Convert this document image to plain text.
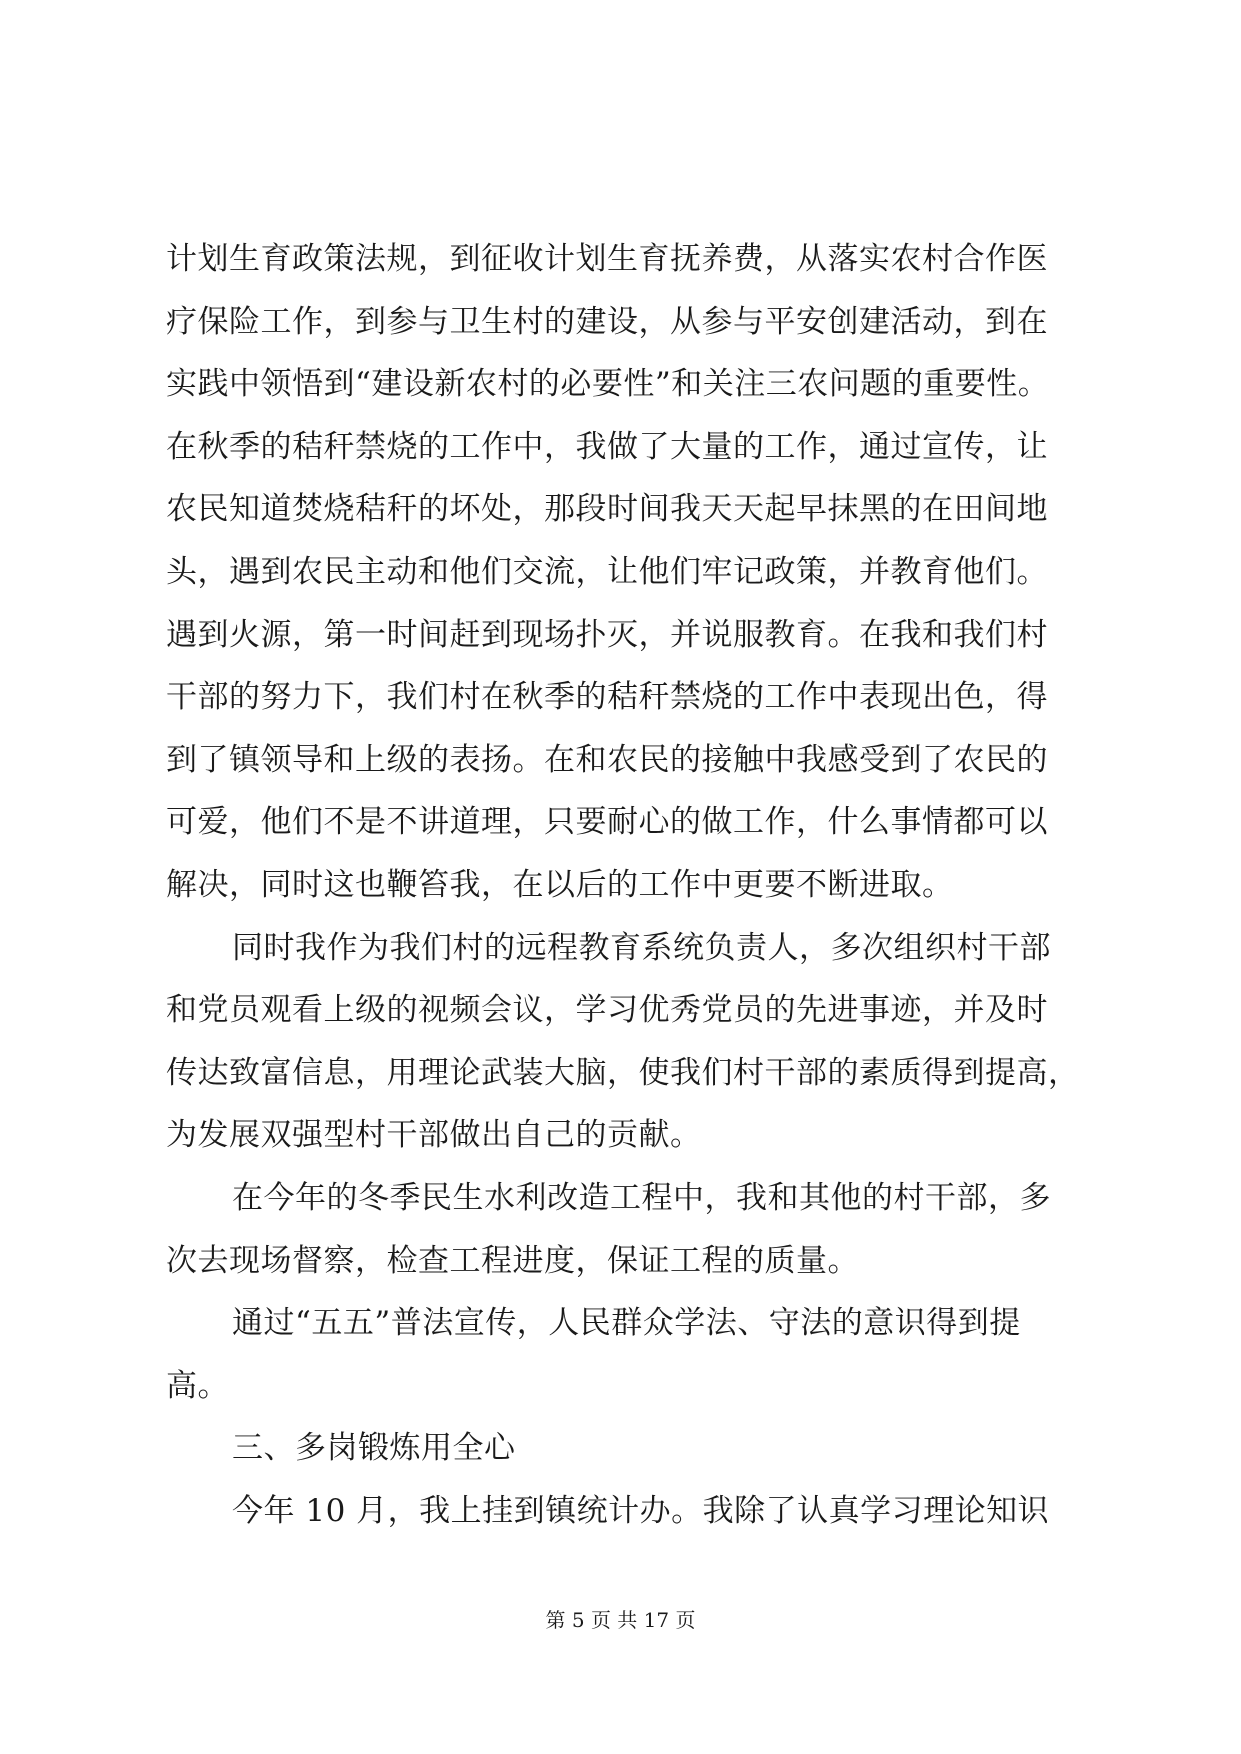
计划生育政策法规，到征收计划生育抚养费，从落实农村合作医
疗保险工作，到参与卫生村的建设，从参与平安创建活动，到在
实践中领悟到“建设新农村的必要性”和关注三农问题的重要性。
在秋季的秸秆禁烧的工作中，我做了大量的工作，通过宣传，让
农民知道焚烧秸秆的坏处，那段时间我天天起早抹黑的在田间地
头，遇到农民主动和他们交流，让他们牢记政策，并教育他们。
遇到火源，第一时间赶到现场扑灭，并说服教育。在我和我们村
干部的努力下，我们村在秋季的秸秆禁烧的工作中表现出色，得
到了镇领导和上级的表扬。在和农民的接触中我感受到了农民的
可爱，他们不是不讲道理，只要耐心的做工作，什么事情都可以
解决，同时这也鞭笞我，在以后的工作中更要不断进取。
同时我作为我们村的远程教育系统负责人，多次组织村干部
和党员观看上级的视频会议，学习优秀党员的先进事迹，并及时
传达致富信息，用理论武装大脑，使我们村干部的素质得到提高，
为发展双强型村干部做出自己的贡献。
在今年的冬季民生水利改造工程中，我和其他的村干部，多
次去现场督察，检查工程进度，保证工程的质量。
通过“五五”普法宣传，人民群众学法、守法的意识得到提
高。
三、多岗锻炼用全心
今年 10 月，我上挂到镇统计办。我除了认真学习理论知识
第 5 页 共 17 页
